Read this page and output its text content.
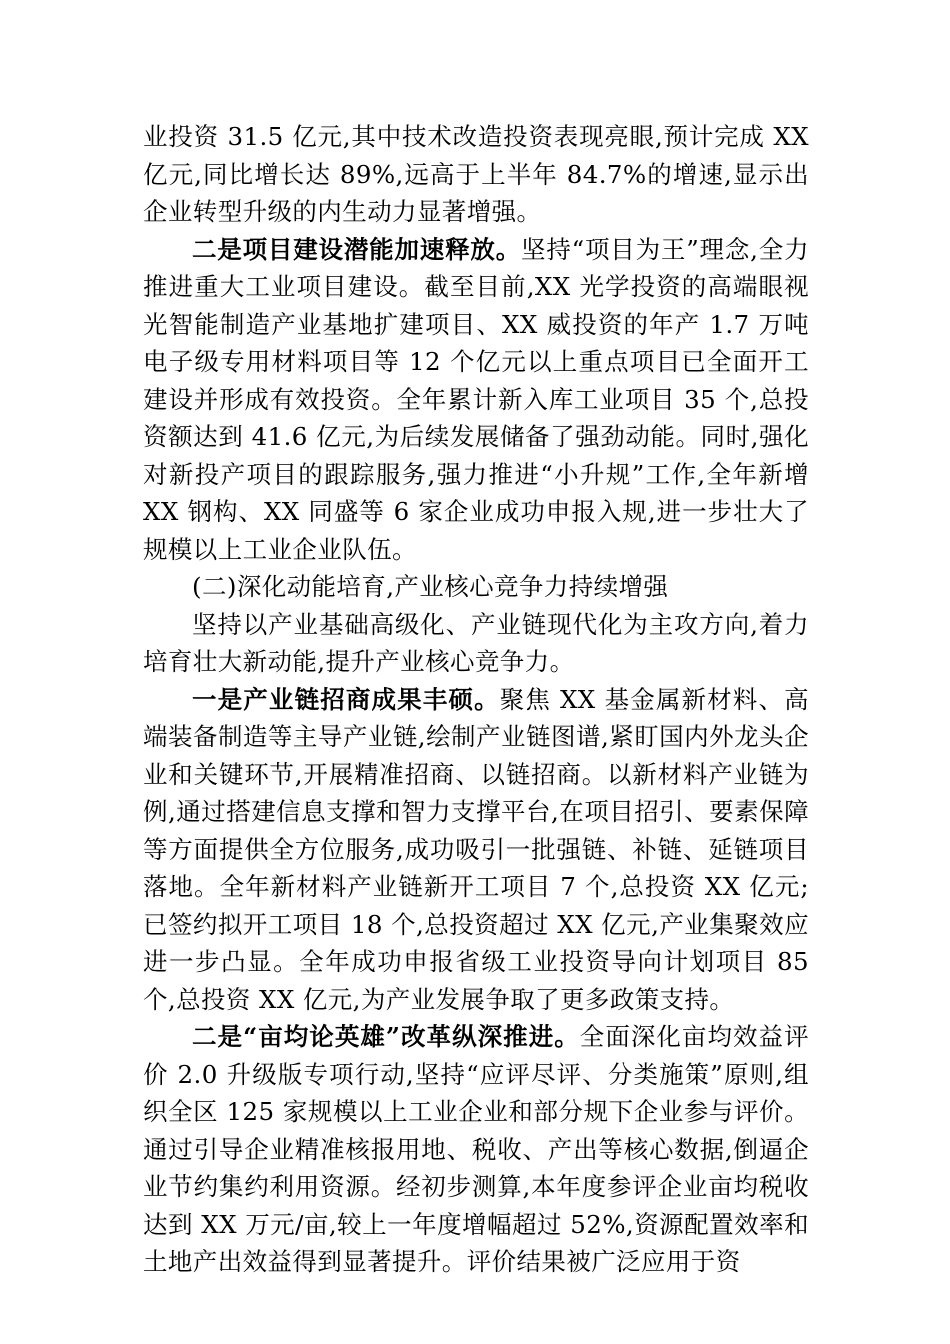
业投资 31.5 亿元,其中技术改造投资表现亮眼,预计完成 XX 亿元,同比增长达 89%,远高于上半年 84.7%的增速,显示出企业转型升级的内生动力显著增强。

二是项目建设潜能加速释放。坚持“项目为王”理念,全力推进重大工业项目建设。截至目前,XX 光学投资的高端眼视光智能制造产业基地扩建项目、XX 威投资的年产 1.7 万吨电子级专用材料项目等 12 个亿元以上重点项目已全面开工建设并形成有效投资。全年累计新入库工业项目 35 个,总投资额达到 41.6 亿元,为后续发展储备了强劲动能。同时,强化对新投产项目的跟踪服务,强力推进“小升规”工作,全年新增 XX 钢构、XX 同盛等 6 家企业成功申报入规,进一步壮大了规模以上工业企业队伍。

(二)深化动能培育,产业核心竞争力持续增强

坚持以产业基础高级化、产业链现代化为主攻方向,着力培育壮大新动能,提升产业核心竞争力。

一是产业链招商成果丰硕。聚焦 XX 基金属新材料、高端装备制造等主导产业链,绘制产业链图谱,紧盯国内外龙头企业和关键环节,开展精准招商、以链招商。以新材料产业链为例,通过搭建信息支撑和智力支撑平台,在项目招引、要素保障等方面提供全方位服务,成功吸引一批强链、补链、延链项目落地。全年新材料产业链新开工项目 7 个,总投资 XX 亿元;已签约拟开工项目 18 个,总投资超过 XX 亿元,产业集聚效应进一步凸显。全年成功申报省级工业投资导向计划项目 85 个,总投资 XX 亿元,为产业发展争取了更多政策支持。

二是“亩均论英雄”改革纵深推进。全面深化亩均效益评价 2.0 升级版专项行动,坚持“应评尽评、分类施策”原则,组织全区 125 家规模以上工业企业和部分规下企业参与评价。通过引导企业精准核报用地、税收、产出等核心数据,倒逼企业节约集约利用资源。经初步测算,本年度参评企业亩均税收达到 XX 万元/亩,较上一年度增幅超过 52%,资源配置效率和土地产出效益得到显著提升。评价结果被广泛应用于资
